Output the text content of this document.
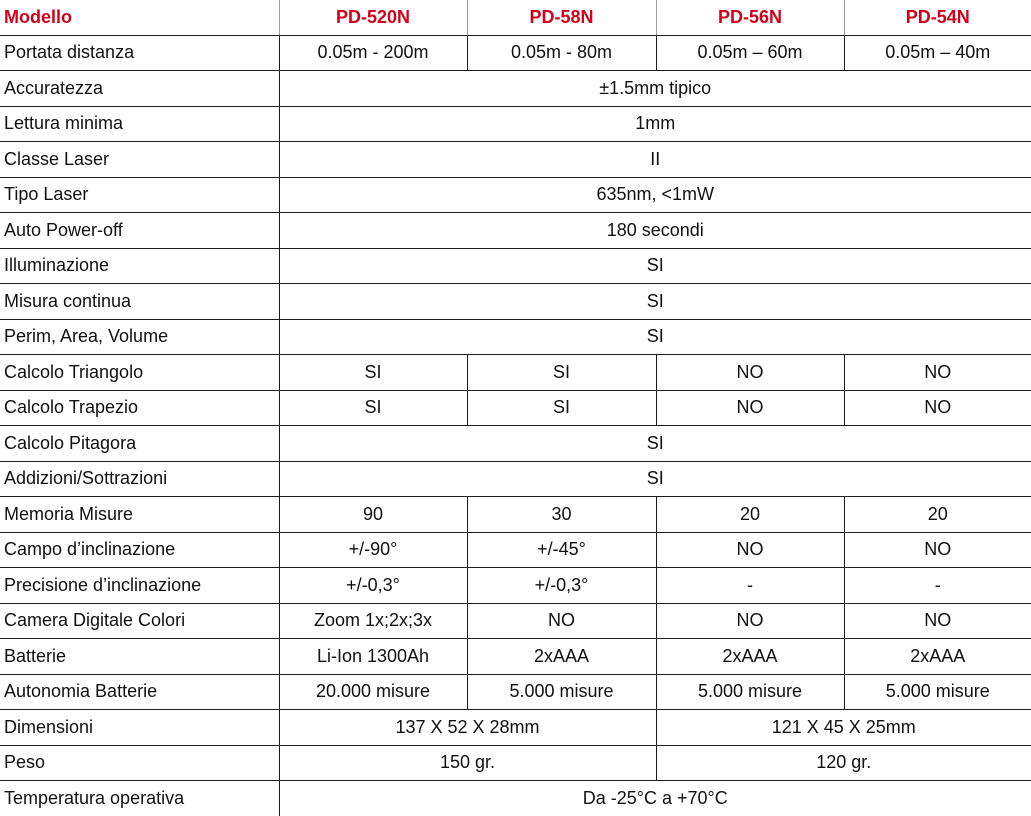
Modello	PD-520N	PD-58N	PD-56N	PD-54N
Portata distanza	0.05m - 200m	0.05m - 80m	0.05m – 60m	0.05m – 40m
Accuratezza	±1.5mm tipico			
Lettura minima	1mm			
Classe Laser	II			
Tipo Laser	635nm, <1mW			
Auto Power-off	180 secondi			
Illuminazione	SI			
Misura continua	SI			
Perim, Area, Volume	SI			
Calcolo Triangolo	SI	SI	NO	NO
Calcolo Trapezio	SI	SI	NO	NO
Calcolo Pitagora	SI			
Addizioni/Sottrazioni	SI			
Memoria Misure	90	30	20	20
Campo d’inclinazione	+/-90°	+/-45°	NO	NO
Precisione d’inclinazione	+/-0,3°	+/-0,3°	-	-
Camera Digitale Colori	Zoom 1x;2x;3x	NO	NO	NO
Batterie	Li-Ion 1300Ah	2xAAA	2xAAA	2xAAA
Autonomia Batterie	20.000 misure	5.000 misure	5.000 misure	5.000 misure
Dimensioni	137 X 52 X 28mm		121 X 45 X 25mm	
Peso	150 gr.		120 gr.	
Temperatura operativa	Da -25°C a +70°C			
